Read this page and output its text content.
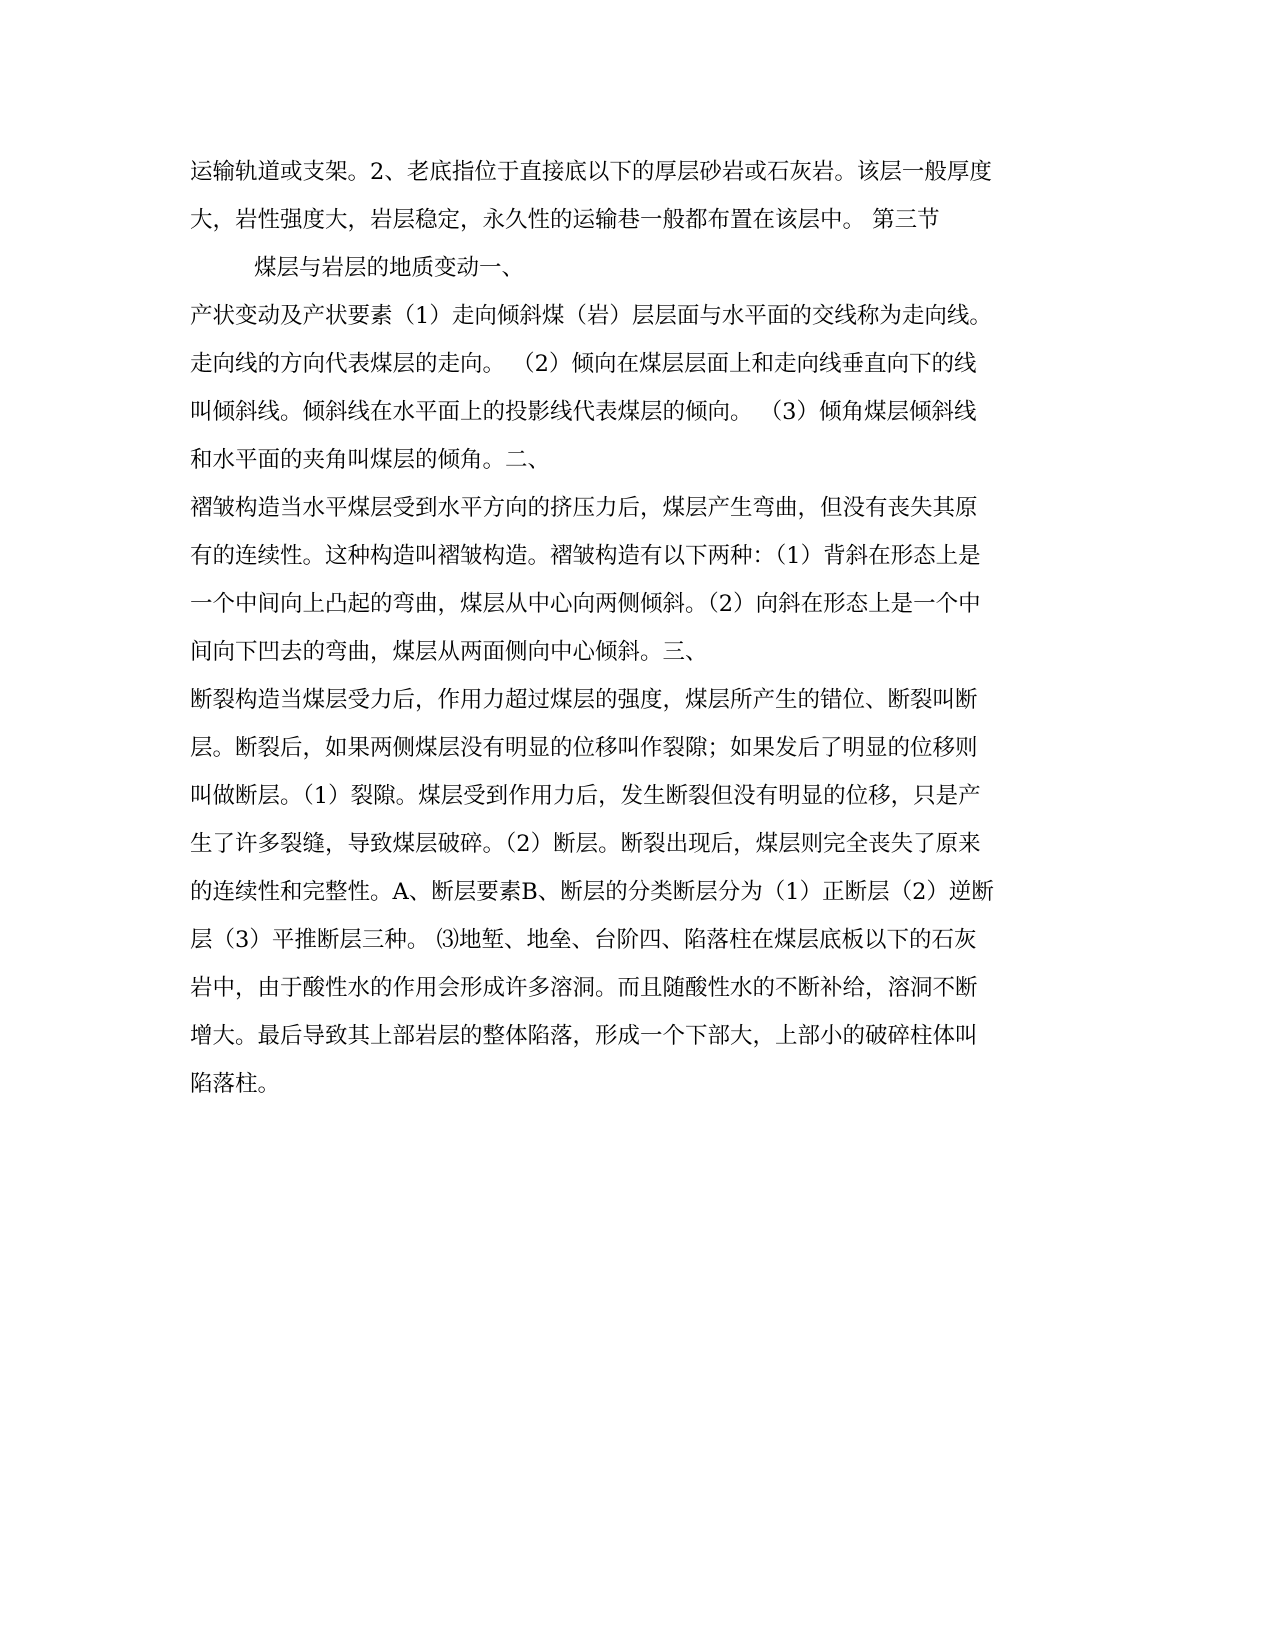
运输轨道或支架。2、老底指位于直接底以下的厚层砂岩或石灰岩。该层一般厚度
大，岩性强度大，岩层稳定，永久性的运输巷一般都布置在该层中。 第三节
煤层与岩层的地质变动一、
产状变动及产状要素（1）走向倾斜煤（岩）层层面与水平面的交线称为走向线。
走向线的方向代表煤层的走向。 （2）倾向在煤层层面上和走向线垂直向下的线
叫倾斜线。倾斜线在水平面上的投影线代表煤层的倾向。 （3）倾角煤层倾斜线
和水平面的夹角叫煤层的倾角。二、
褶皱构造当水平煤层受到水平方向的挤压力后，煤层产生弯曲，但没有丧失其原
有的连续性。这种构造叫褶皱构造。褶皱构造有以下两种：（1）背斜在形态上是
一个中间向上凸起的弯曲，煤层从中心向两侧倾斜。（2）向斜在形态上是一个中
间向下凹去的弯曲，煤层从两面侧向中心倾斜。三、
断裂构造当煤层受力后，作用力超过煤层的强度，煤层所产生的错位、断裂叫断
层。断裂后，如果两侧煤层没有明显的位移叫作裂隙；如果发后了明显的位移则
叫做断层。（1）裂隙。煤层受到作用力后，发生断裂但没有明显的位移，只是产
生了许多裂缝，导致煤层破碎。（2）断层。断裂出现后，煤层则完全丧失了原来
的连续性和完整性。A、断层要素B、断层的分类断层分为（1）正断层（2）逆断
层（3）平推断层三种。 ⑶地堑、地垒、台阶四、陷落柱在煤层底板以下的石灰
岩中，由于酸性水的作用会形成许多溶洞。而且随酸性水的不断补给，溶洞不断
增大。最后导致其上部岩层的整体陷落，形成一个下部大，上部小的破碎柱体叫
陷落柱。
